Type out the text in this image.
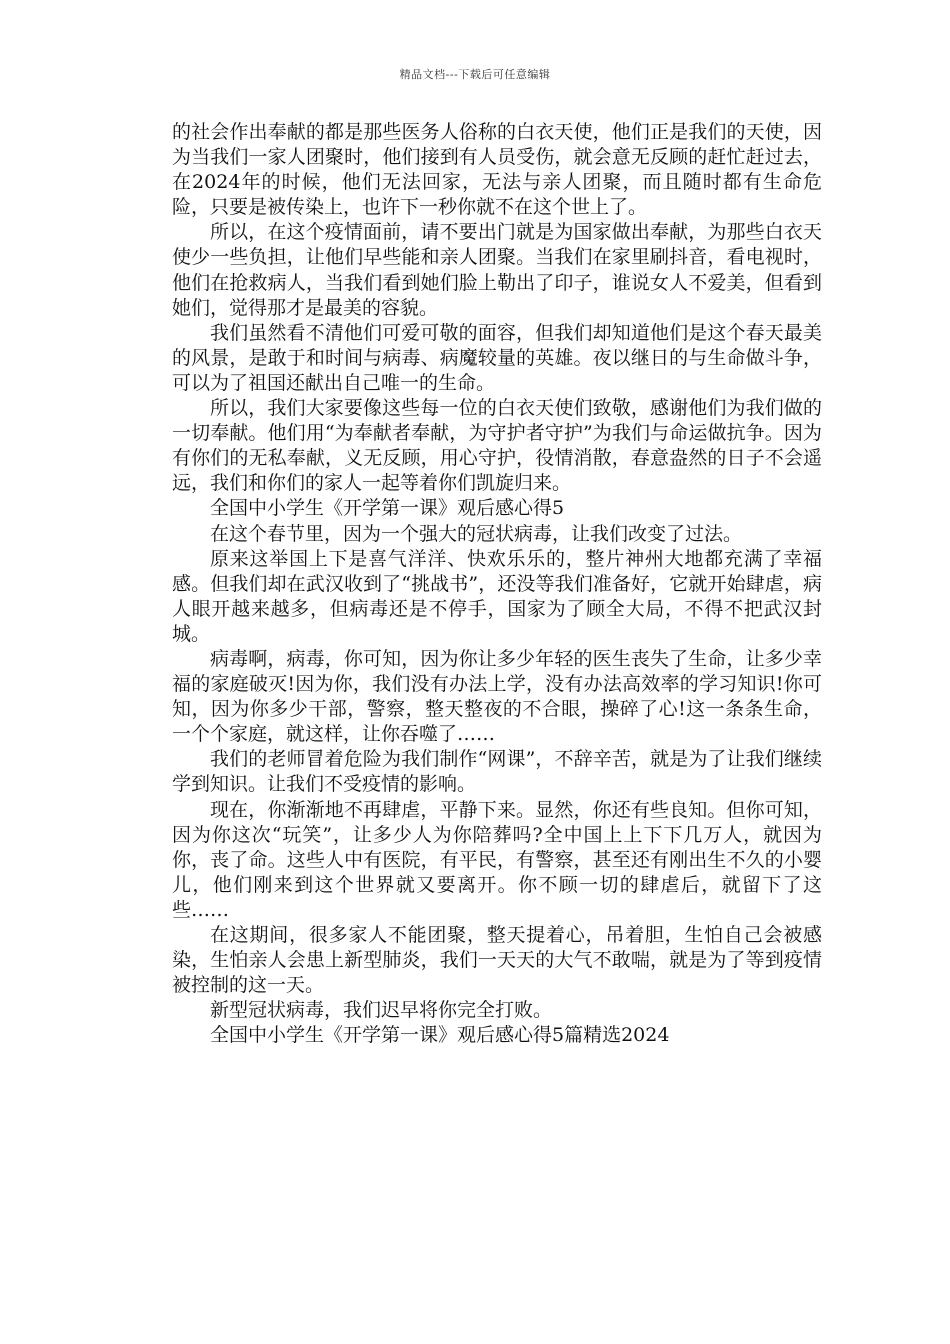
精品文档---下载后可任意编辑

的社会作出奉献的都是那些医务人俗称的白衣天使，他们正是我们的天使，因为当我们一家人团聚时，他们接到有人员受伤，就会意无反顾的赶忙赶过去，在2024年的时候，他们无法回家，无法与亲人团聚，而且随时都有生命危险，只要是被传染上，也许下一秒你就不在这个世上了。

所以，在这个疫情面前，请不要出门就是为国家做出奉献，为那些白衣天使少一些负担，让他们早些能和亲人团聚。当我们在家里刷抖音，看电视时，他们在抢救病人，当我们看到她们脸上勒出了印子，谁说女人不爱美，但看到她们，觉得那才是最美的容貌。

我们虽然看不清他们可爱可敬的面容，但我们却知道他们是这个春天最美的风景，是敢于和时间与病毒、病魔较量的英雄。夜以继日的与生命做斗争，可以为了祖国还献出自己唯一的生命。

所以，我们大家要像这些每一位的白衣天使们致敬，感谢他们为我们做的一切奉献。他们用“为奉献者奉献，为守护者守护”为我们与命运做抗争。因为有你们的无私奉献，义无反顾，用心守护，役情消散，春意盎然的日子不会遥远，我们和你们的家人一起等着你们凯旋归来。

全国中小学生《开学第一课》观后感心得5

在这个春节里，因为一个强大的冠状病毒，让我们改变了过法。

原来这举国上下是喜气洋洋、快欢乐乐的，整片神州大地都充满了幸福感。但我们却在武汉收到了“挑战书”，还没等我们准备好，它就开始肆虐，病人眼开越来越多，但病毒还是不停手，国家为了顾全大局，不得不把武汉封城。

病毒啊，病毒，你可知，因为你让多少年轻的医生丧失了生命，让多少幸福的家庭破灭!因为你，我们没有办法上学，没有办法高效率的学习知识!你可知，因为你多少干部，警察，整天整夜的不合眼，操碎了心!这一条条生命，一个个家庭，就这样，让你吞噬了……

我们的老师冒着危险为我们制作“网课”，不辞辛苦，就是为了让我们继续学到知识。让我们不受疫情的影响。

现在，你渐渐地不再肆虐，平静下来。显然，你还有些良知。但你可知，因为你这次“玩笑”，让多少人为你陪葬吗?全中国上上下下几万人，就因为你，丧了命。这些人中有医院，有平民，有警察，甚至还有刚出生不久的小婴儿，他们刚来到这个世界就又要离开。你不顾一切的肆虐后，就留下了这些……

在这期间，很多家人不能团聚，整天提着心，吊着胆，生怕自己会被感染，生怕亲人会患上新型肺炎，我们一天天的大气不敢喘，就是为了等到疫情被控制的这一天。

新型冠状病毒，我们迟早将你完全打败。

全国中小学生《开学第一课》观后感心得5篇精选2024
